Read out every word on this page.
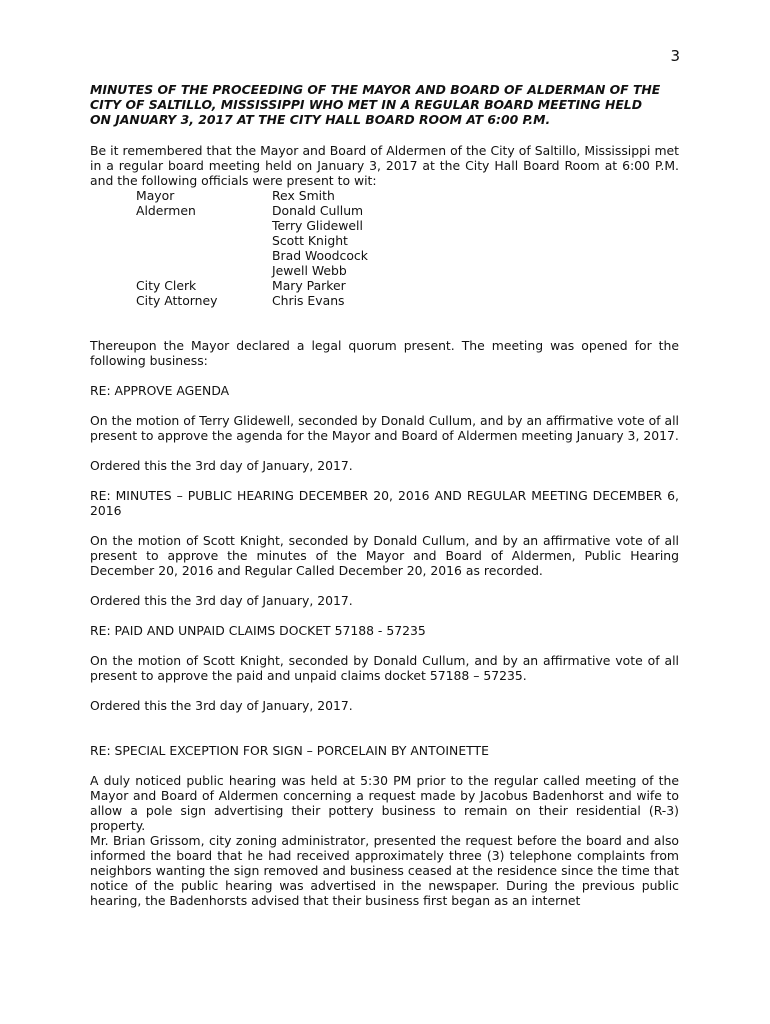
3
MINUTES OF THE PROCEEDING OF THE MAYOR AND BOARD OF ALDERMAN OF THE
CITY OF SALTILLO, MISSISSIPPI WHO MET IN A REGULAR BOARD MEETING HELD
ON JANUARY 3, 2017 AT THE CITY HALL BOARD ROOM AT 6:00 P.M.

Be it remembered that the Mayor and Board of Aldermen of the City of Saltillo, Mississippi met in a regular board meeting held on January 3, 2017 at the City Hall Board Room at 6:00 P.M. and the following officials were present to wit:

Mayor	Rex Smith
Aldermen	Donald Cullum
Terry Glidewell
Scott Knight
Brad Woodcock
Jewell Webb
City Clerk	Mary Parker
City Attorney	Chris Evans

Thereupon the Mayor declared a legal quorum present. The meeting was opened for the following business:

RE: APPROVE AGENDA

On the motion of Terry Glidewell, seconded by Donald Cullum, and by an affirmative vote of all present to approve the agenda for the Mayor and Board of Aldermen meeting January 3, 2017.

Ordered this the 3rd day of January, 2017.

RE: MINUTES – PUBLIC HEARING DECEMBER 20, 2016 AND REGULAR MEETING DECEMBER 6, 2016

On the motion of Scott Knight, seconded by Donald Cullum, and by an affirmative vote of all present to approve the minutes of the Mayor and Board of Aldermen, Public Hearing December 20, 2016 and Regular Called December 20, 2016 as recorded.

Ordered this the 3rd day of January, 2017.

RE: PAID AND UNPAID CLAIMS DOCKET 57188 - 57235

On the motion of Scott Knight, seconded by Donald Cullum, and by an affirmative vote of all present to approve the paid and unpaid claims docket 57188 – 57235.

Ordered this the 3rd day of January, 2017.

RE: SPECIAL EXCEPTION FOR SIGN – PORCELAIN BY ANTOINETTE

A duly noticed public hearing was held at 5:30 PM prior to the regular called meeting of the Mayor and Board of Aldermen concerning a request made by Jacobus Badenhorst and wife to allow a pole sign advertising their pottery business to remain on their residential (R-3) property.

Mr. Brian Grissom, city zoning administrator, presented the request before the board and also informed the board that he had received approximately three (3) telephone complaints from neighbors wanting the sign removed and business ceased at the residence since the time that notice of the public hearing was advertised in the newspaper. During the previous public hearing, the Badenhorsts advised that their business first began as an internet
